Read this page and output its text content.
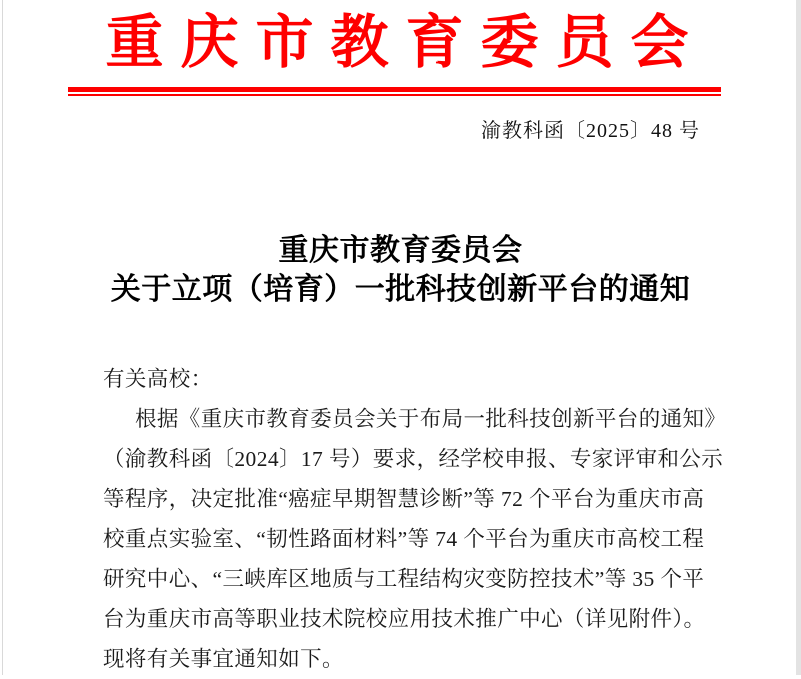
重庆市教育委员会
渝教科函〔2025〕48 号
重庆市教育委员会
关于立项（培育）一批科技创新平台的通知
有关高校：
根据《重庆市教育委员会关于布局一批科技创新平台的通知》
（渝教科函〔2024〕17 号）要求，经学校申报、专家评审和公示
等程序，决定批准“癌症早期智慧诊断”等 72 个平台为重庆市高
校重点实验室、“韧性路面材料”等 74 个平台为重庆市高校工程
研究中心、“三峡库区地质与工程结构灾变防控技术”等 35 个平
台为重庆市高等职业技术院校应用技术推广中心（详见附件）。
现将有关事宜通知如下。
